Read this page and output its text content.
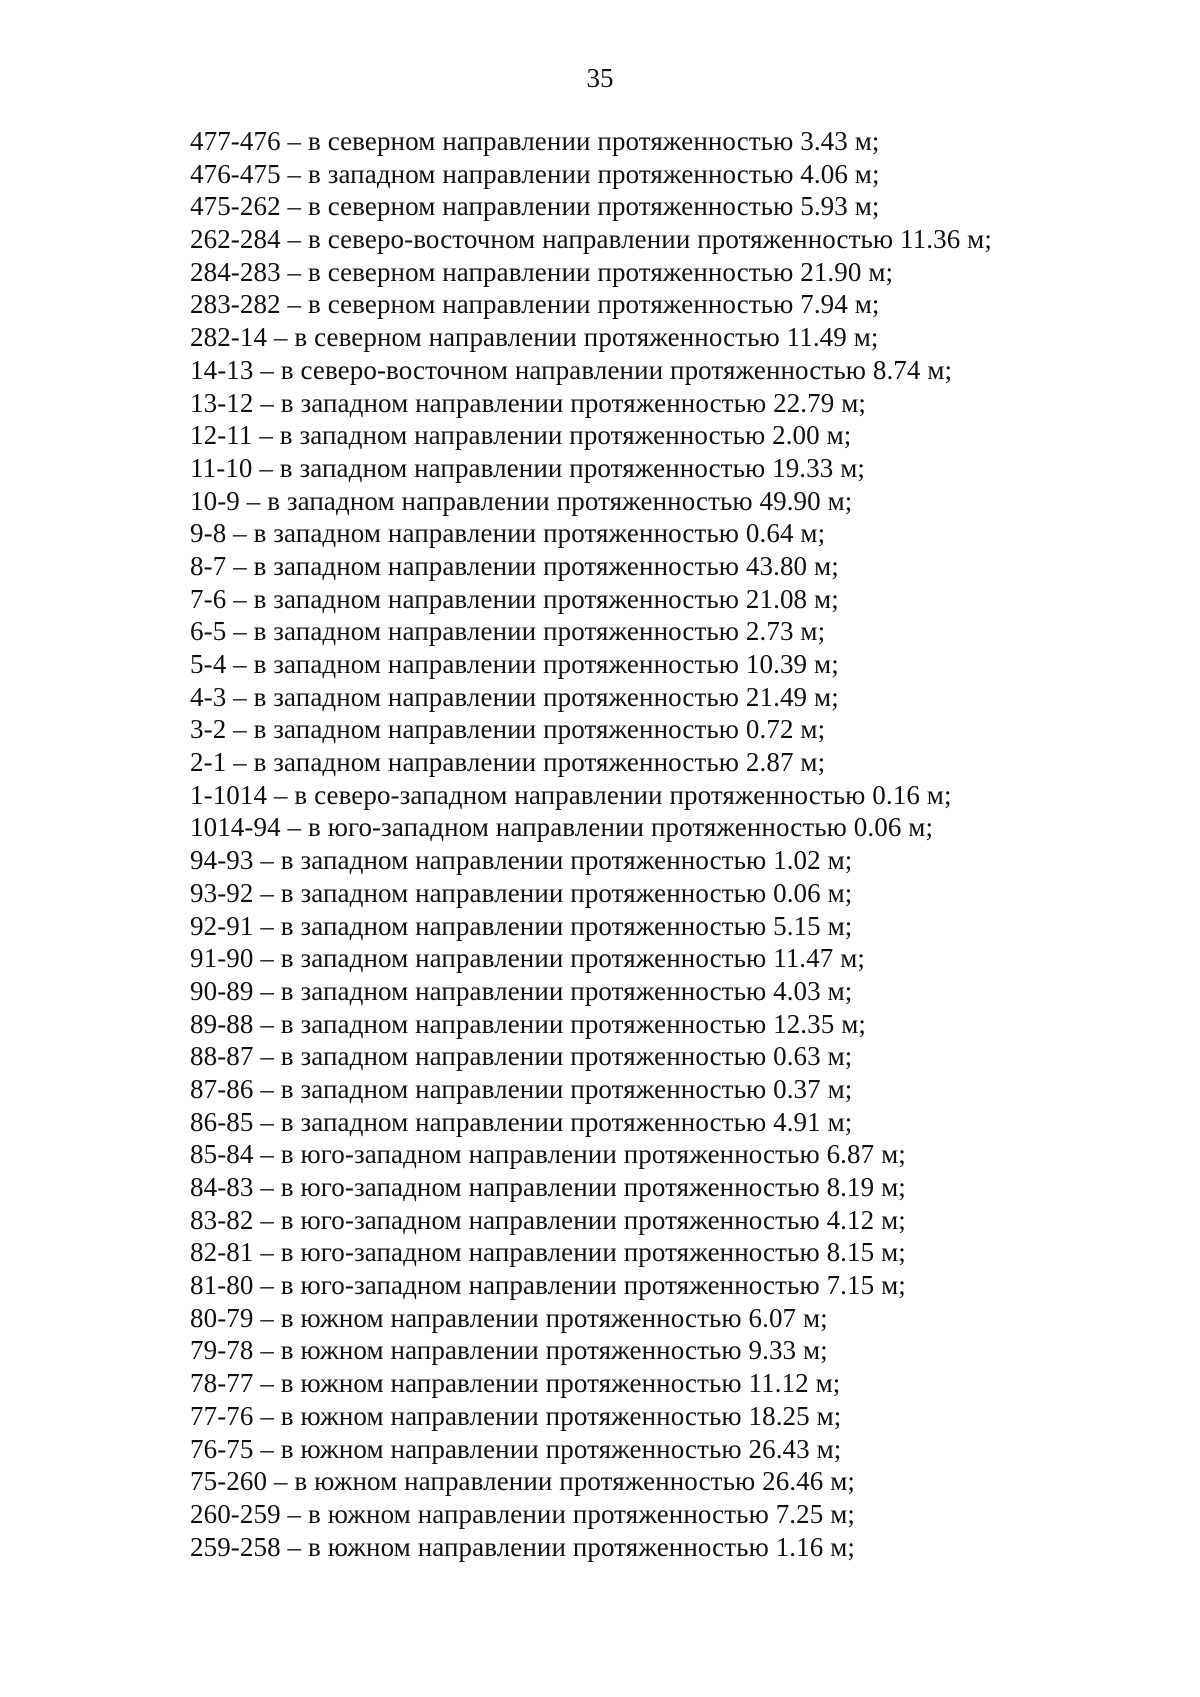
35
477-476 – в северном направлении протяженностью 3.43 м;
476-475 – в западном направлении протяженностью 4.06 м;
475-262 – в северном направлении протяженностью 5.93 м;
262-284 – в северо-восточном направлении протяженностью 11.36 м;
284-283 – в северном направлении протяженностью 21.90 м;
283-282 – в северном направлении протяженностью 7.94 м;
282-14 – в северном направлении протяженностью 11.49 м;
14-13 – в северо-восточном направлении протяженностью 8.74 м;
13-12 – в западном направлении протяженностью 22.79 м;
12-11 – в западном направлении протяженностью 2.00 м;
11-10 – в западном направлении протяженностью 19.33 м;
10-9 – в западном направлении протяженностью 49.90 м;
9-8 – в западном направлении протяженностью 0.64 м;
8-7 – в западном направлении протяженностью 43.80 м;
7-6 – в западном направлении протяженностью 21.08 м;
6-5 – в западном направлении протяженностью 2.73 м;
5-4 – в западном направлении протяженностью 10.39 м;
4-3 – в западном направлении протяженностью 21.49 м;
3-2 – в западном направлении протяженностью 0.72 м;
2-1 – в западном направлении протяженностью 2.87 м;
1-1014 – в северо-западном направлении протяженностью 0.16 м;
1014-94 – в юго-западном направлении протяженностью 0.06 м;
94-93 – в западном направлении протяженностью 1.02 м;
93-92 – в западном направлении протяженностью 0.06 м;
92-91 – в западном направлении протяженностью 5.15 м;
91-90 – в западном направлении протяженностью 11.47 м;
90-89 – в западном направлении протяженностью 4.03 м;
89-88 – в западном направлении протяженностью 12.35 м;
88-87 – в западном направлении протяженностью 0.63 м;
87-86 – в западном направлении протяженностью 0.37 м;
86-85 – в западном направлении протяженностью 4.91 м;
85-84 – в юго-западном направлении протяженностью 6.87 м;
84-83 – в юго-западном направлении протяженностью 8.19 м;
83-82 – в юго-западном направлении протяженностью 4.12 м;
82-81 – в юго-западном направлении протяженностью 8.15 м;
81-80 – в юго-западном направлении протяженностью 7.15 м;
80-79 – в южном направлении протяженностью 6.07 м;
79-78 – в южном направлении протяженностью 9.33 м;
78-77 – в южном направлении протяженностью 11.12 м;
77-76 – в южном направлении протяженностью 18.25 м;
76-75 – в южном направлении протяженностью 26.43 м;
75-260 – в южном направлении протяженностью 26.46 м;
260-259 – в южном направлении протяженностью 7.25 м;
259-258 – в южном направлении протяженностью 1.16 м;
